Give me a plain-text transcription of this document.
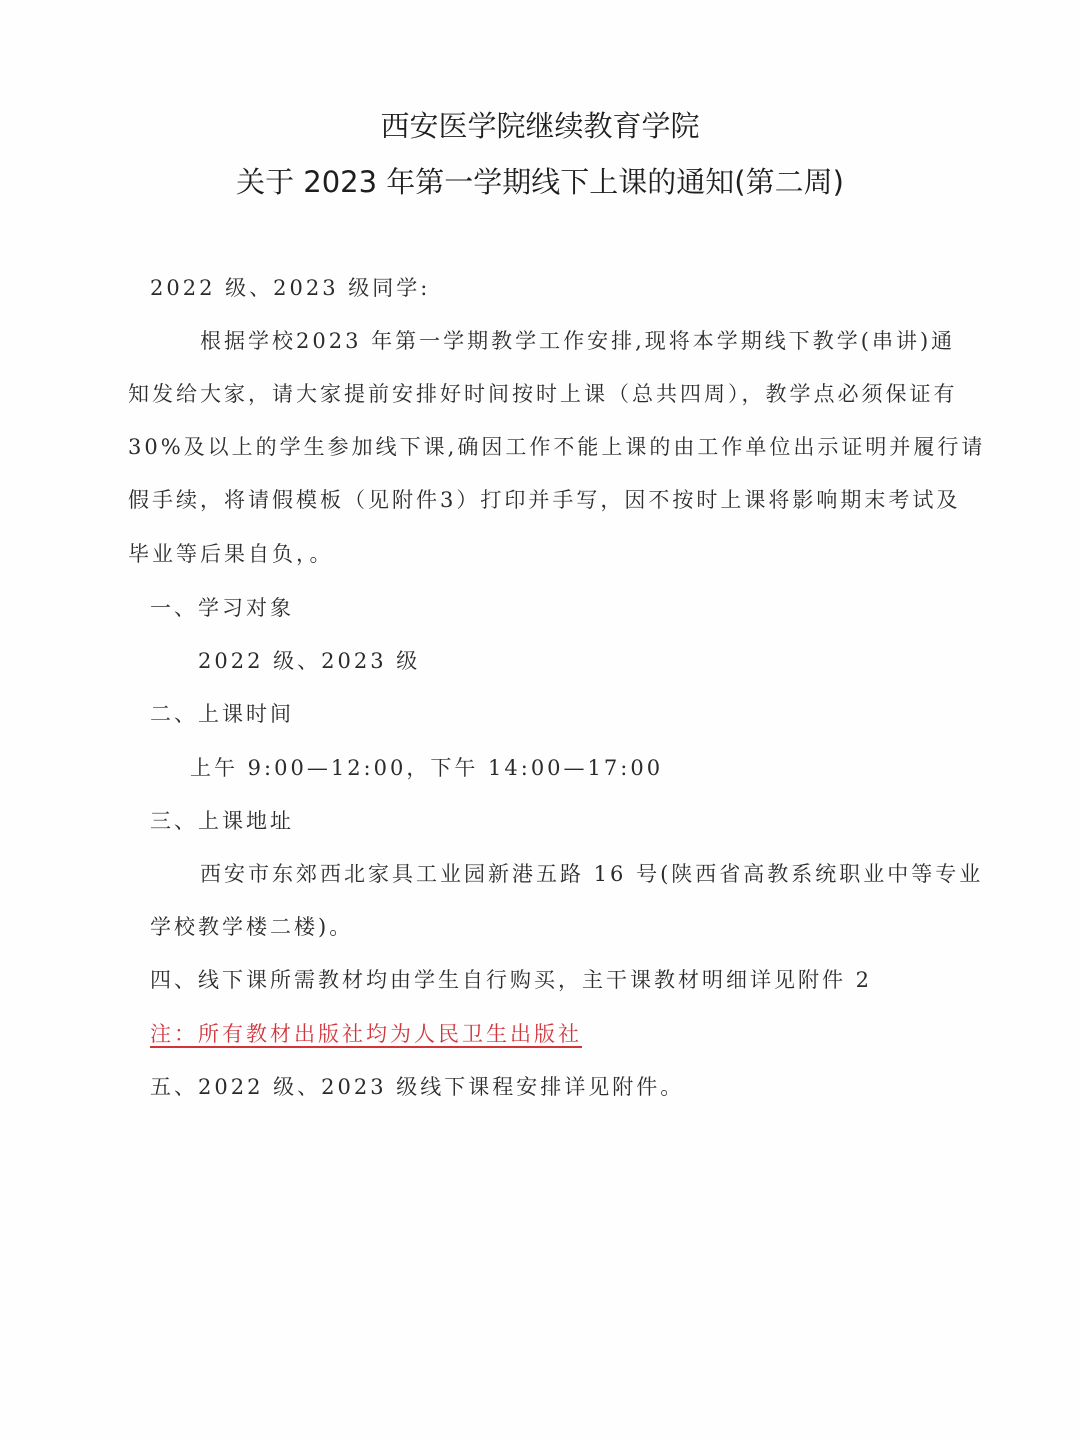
西安医学院继续教育学院
关于 2023 年第一学期线下上课的通知(第二周)
2022 级、2023 级同学:
根据学校2023 年第一学期教学工作安排,现将本学期线下教学(串讲)通
知发给大家，请大家提前安排好时间按时上课（总共四周），教学点必须保证有
30%及以上的学生参加线下课,确因工作不能上课的由工作单位出示证明并履行请
假手续，将请假模板（见附件3）打印并手写，因不按时上课将影响期末考试及
毕业等后果自负，。
一、学习对象
2022 级、2023 级
二、上课时间
上午 9:00—12:00，下午 14:00—17:00
三、上课地址
西安市东郊西北家具工业园新港五路 16 号(陕西省高教系统职业中等专业
学校教学楼二楼)。
四、线下课所需教材均由学生自行购买，主干课教材明细详见附件 2
注：所有教材出版社均为人民卫生出版社
五、2022 级、2023 级线下课程安排详见附件。
